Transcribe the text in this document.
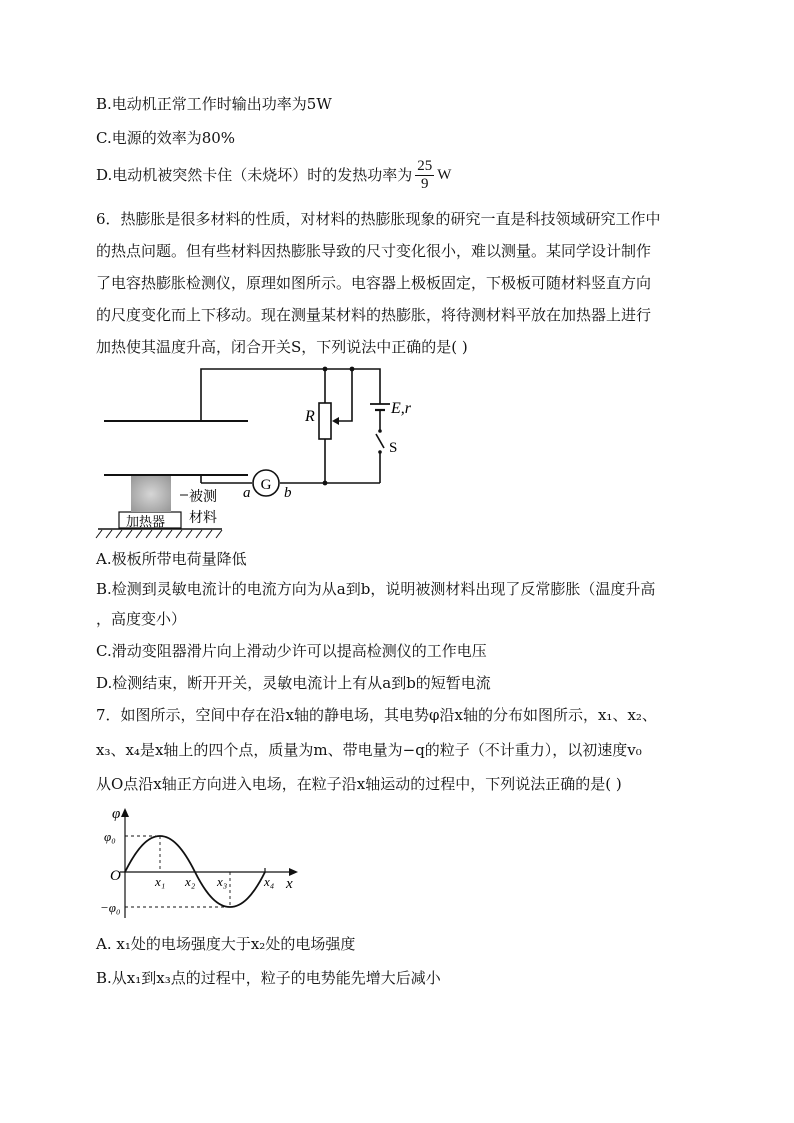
B.电动机正常工作时输出功率为5W
C.电源的效率为80%
D.电动机被突然卡住（未烧坏）时的发热功率为 $\frac{25}{9}$ W
6．热膨胀是很多材料的性质，对材料的热膨胀现象的研究一直是科技领域研究工作中
的热点问题。但有些材料因热膨胀导致的尺寸变化很小，难以测量。某同学设计制作
了电容热膨胀检测仪，原理如图所示。电容器上极板固定，下极板可随材料竖直方向
的尺度变化而上下移动。现在测量某材料的热膨胀，将待测材料平放在加热器上进行
加热使其温度升高，闭合开关S，下列说法中正确的是( )
R	E,r
S
G
a b
被测
材料
加热器
A.极板所带电荷量降低
B.检测到灵敏电流计的电流方向为从a到b，说明被测材料出现了反常膨胀（温度升高
，高度变小）
C.滑动变阻器滑片向上滑动少许可以提高检测仪的工作电压
D.检测结束，断开开关，灵敏电流计上有从a到b的短暂电流
7．如图所示，空间中存在沿x轴的静电场，其电势φ沿x轴的分布如图所示，x₁、x₂、
x₃、x₄是x轴上的四个点，质量为m、带电量为−q的粒子（不计重力），以初速度v₀
从O点沿x轴正方向进入电场，在粒子沿x轴运动的过程中，下列说法正确的是( )
φ
x
O
φ₀
−φ₀
x₁ x₂ x₃	x₄
A. x₁处的电场强度大于x₂处的电场强度
B.从x₁到x₃点的过程中，粒子的电势能先增大后减小
